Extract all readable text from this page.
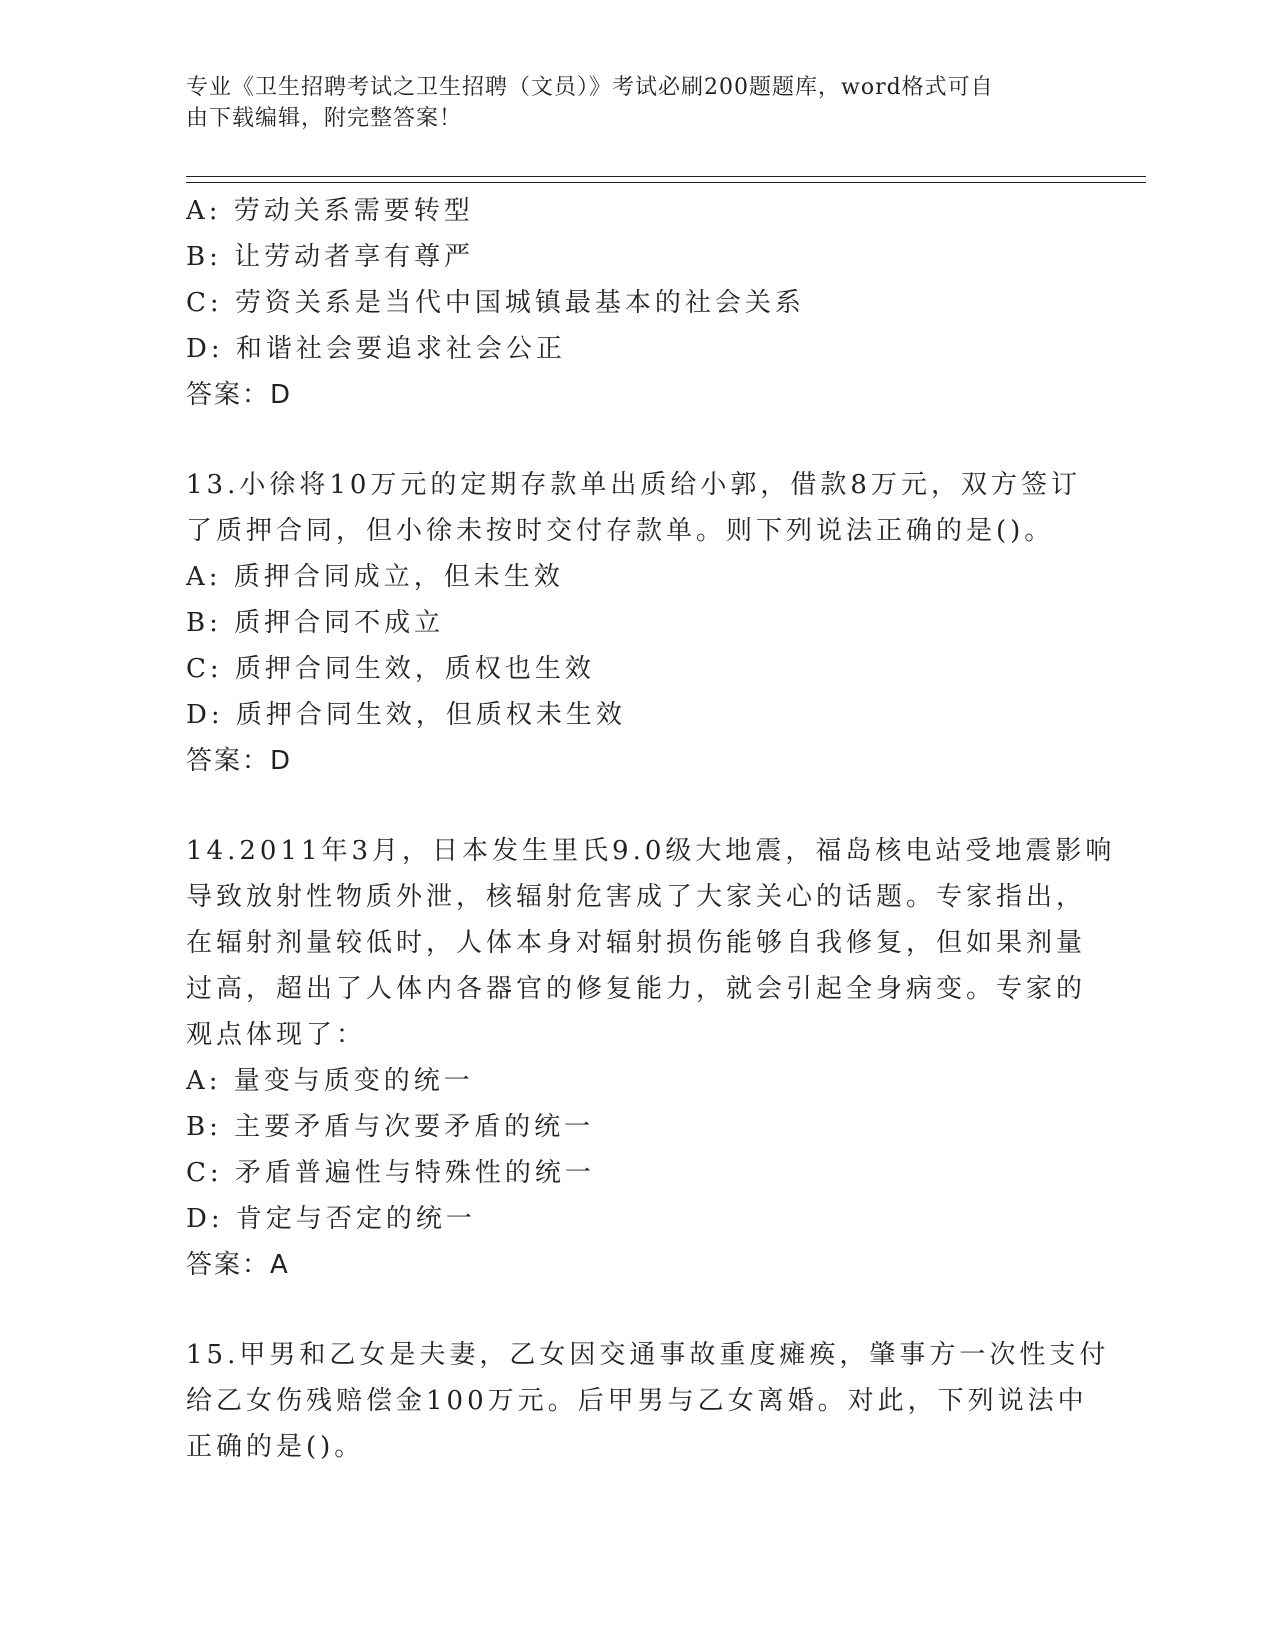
专业《卫生招聘考试之卫生招聘（文员）》考试必刷200题题库，word格式可自
由下载编辑，附完整答案！
A: 劳动关系需要转型
B: 让劳动者享有尊严
C: 劳资关系是当代中国城镇最基本的社会关系
D: 和谐社会要追求社会公正
答案：D
13.小徐将10万元的定期存款单出质给小郭，借款8万元，双方签订
了质押合同，但小徐未按时交付存款单。则下列说法正确的是()。
A: 质押合同成立，但未生效
B: 质押合同不成立
C: 质押合同生效，质权也生效
D: 质押合同生效，但质权未生效
答案：D
14.2011年3月，日本发生里氏9.0级大地震，福岛核电站受地震影响
导致放射性物质外泄，核辐射危害成了大家关心的话题。专家指出，
在辐射剂量较低时，人体本身对辐射损伤能够自我修复，但如果剂量
过高，超出了人体内各器官的修复能力，就会引起全身病变。专家的
观点体现了：
A: 量变与质变的统一
B: 主要矛盾与次要矛盾的统一
C: 矛盾普遍性与特殊性的统一
D: 肯定与否定的统一
答案：A
15.甲男和乙女是夫妻，乙女因交通事故重度瘫痪，肇事方一次性支付
给乙女伤残赔偿金100万元。后甲男与乙女离婚。对此，下列说法中
正确的是()。
